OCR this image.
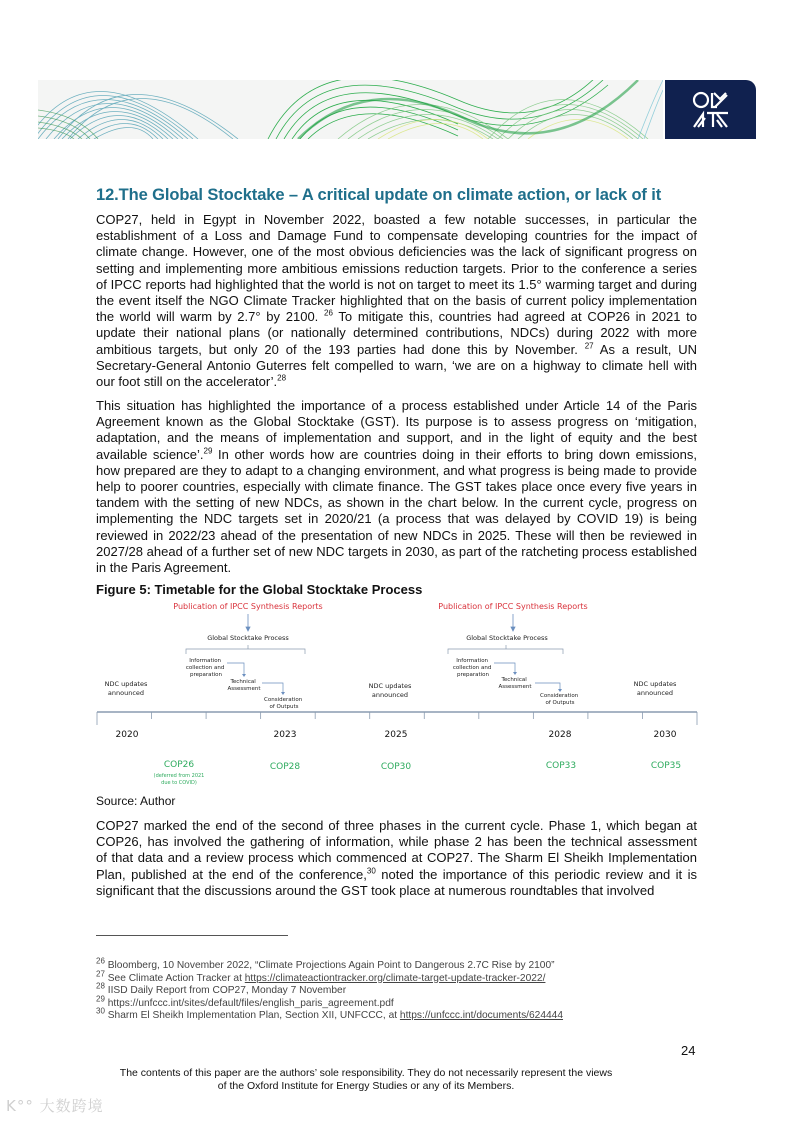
12.The Global Stocktake – A critical update on climate action, or lack of it
COP27, held in Egypt in November 2022, boasted a few notable successes, in particular the
establishment of a Loss and Damage Fund to compensate developing countries for the impact of
climate change. However, one of the most obvious deficiencies was the lack of significant progress on
setting and implementing more ambitious emissions reduction targets. Prior to the conference a series
of IPCC reports had highlighted that the world is not on target to meet its 1.5° warming target and during
the event itself the NGO Climate Tracker highlighted that on the basis of current policy implementation
the world will warm by 2.7° by 2100. $^{26}$ To mitigate this, countries had agreed at COP26 in 2021 to
update their national plans (or nationally determined contributions, NDCs) during 2022 with more
ambitious targets, but only 20 of the 193 parties had done this by November. $^{27}$ As a result, UN
Secretary-General Antonio Guterres felt compelled to warn, ‘we are on a highway to climate hell with
our foot still on the accelerator’.$^{28}$
This situation has highlighted the importance of a process established under Article 14 of the Paris
Agreement known as the Global Stocktake (GST). Its purpose is to assess progress on ‘mitigation,
adaptation, and the means of implementation and support, and in the light of equity and the best
available science’.$^{29}$ In other words how are countries doing in their efforts to bring down emissions,
how prepared are they to adapt to a changing environment, and what progress is being made to provide
help to poorer countries, especially with climate finance. The GST takes place once every five years in
tandem with the setting of new NDCs, as shown in the chart below. In the current cycle, progress on
implementing the NDC targets set in 2020/21 (a process that was delayed by COVID 19) is being
reviewed in 2022/23 ahead of the presentation of new NDCs in 2025. These will then be reviewed in
2027/28 ahead of a further set of new NDC targets in 2030, as part of the ratcheting process established
in the Paris Agreement.
Figure 5: Timetable for the Global Stocktake Process
Publication of IPCC Synthesis Reports	Publication of IPCC Synthesis Reports
Global Stocktake Process	Global Stocktake Process
Information collection and preparation
Technical Assessment
Consideration of Outputs
Information collection and preparation
Technical Assessment
Consideration of Outputs
NDC updates announced
NDC updates announced
NDC updates announced
2020	2023	2025	2028	2030
COP26	COP28	COP30	COP33	COP35
(deferred from 2021 due to COVID)
Source: Author
COP27 marked the end of the second of three phases in the current cycle. Phase 1, which began at
COP26, has involved the gathering of information, while phase 2 has been the technical assessment
of that data and a review process which commenced at COP27. The Sharm El Sheikh Implementation
Plan, published at the end of the conference,$^{30}$ noted the importance of this periodic review and it is
significant that the discussions around the GST took place at numerous roundtables that involved
$^{26}$ Bloomberg, 10 November 2022, “Climate Projections Again Point to Dangerous 2.7C Rise by 2100”
$^{27}$ See Climate Action Tracker at https://climateactiontracker.org/climate-target-update-tracker-2022/
$^{28}$ IISD Daily Report from COP27, Monday 7 November
$^{29}$ https://unfccc.int/sites/default/files/english_paris_agreement.pdf
$^{30}$ Sharm El Sheikh Implementation Plan, Section XII, UNFCCC, at https://unfccc.int/documents/624444
24
The contents of this paper are the authors’ sole responsibility. They do not necessarily represent the views
of the Oxford Institute for Energy Studies or any of its Members.
K°° 大数跨境
